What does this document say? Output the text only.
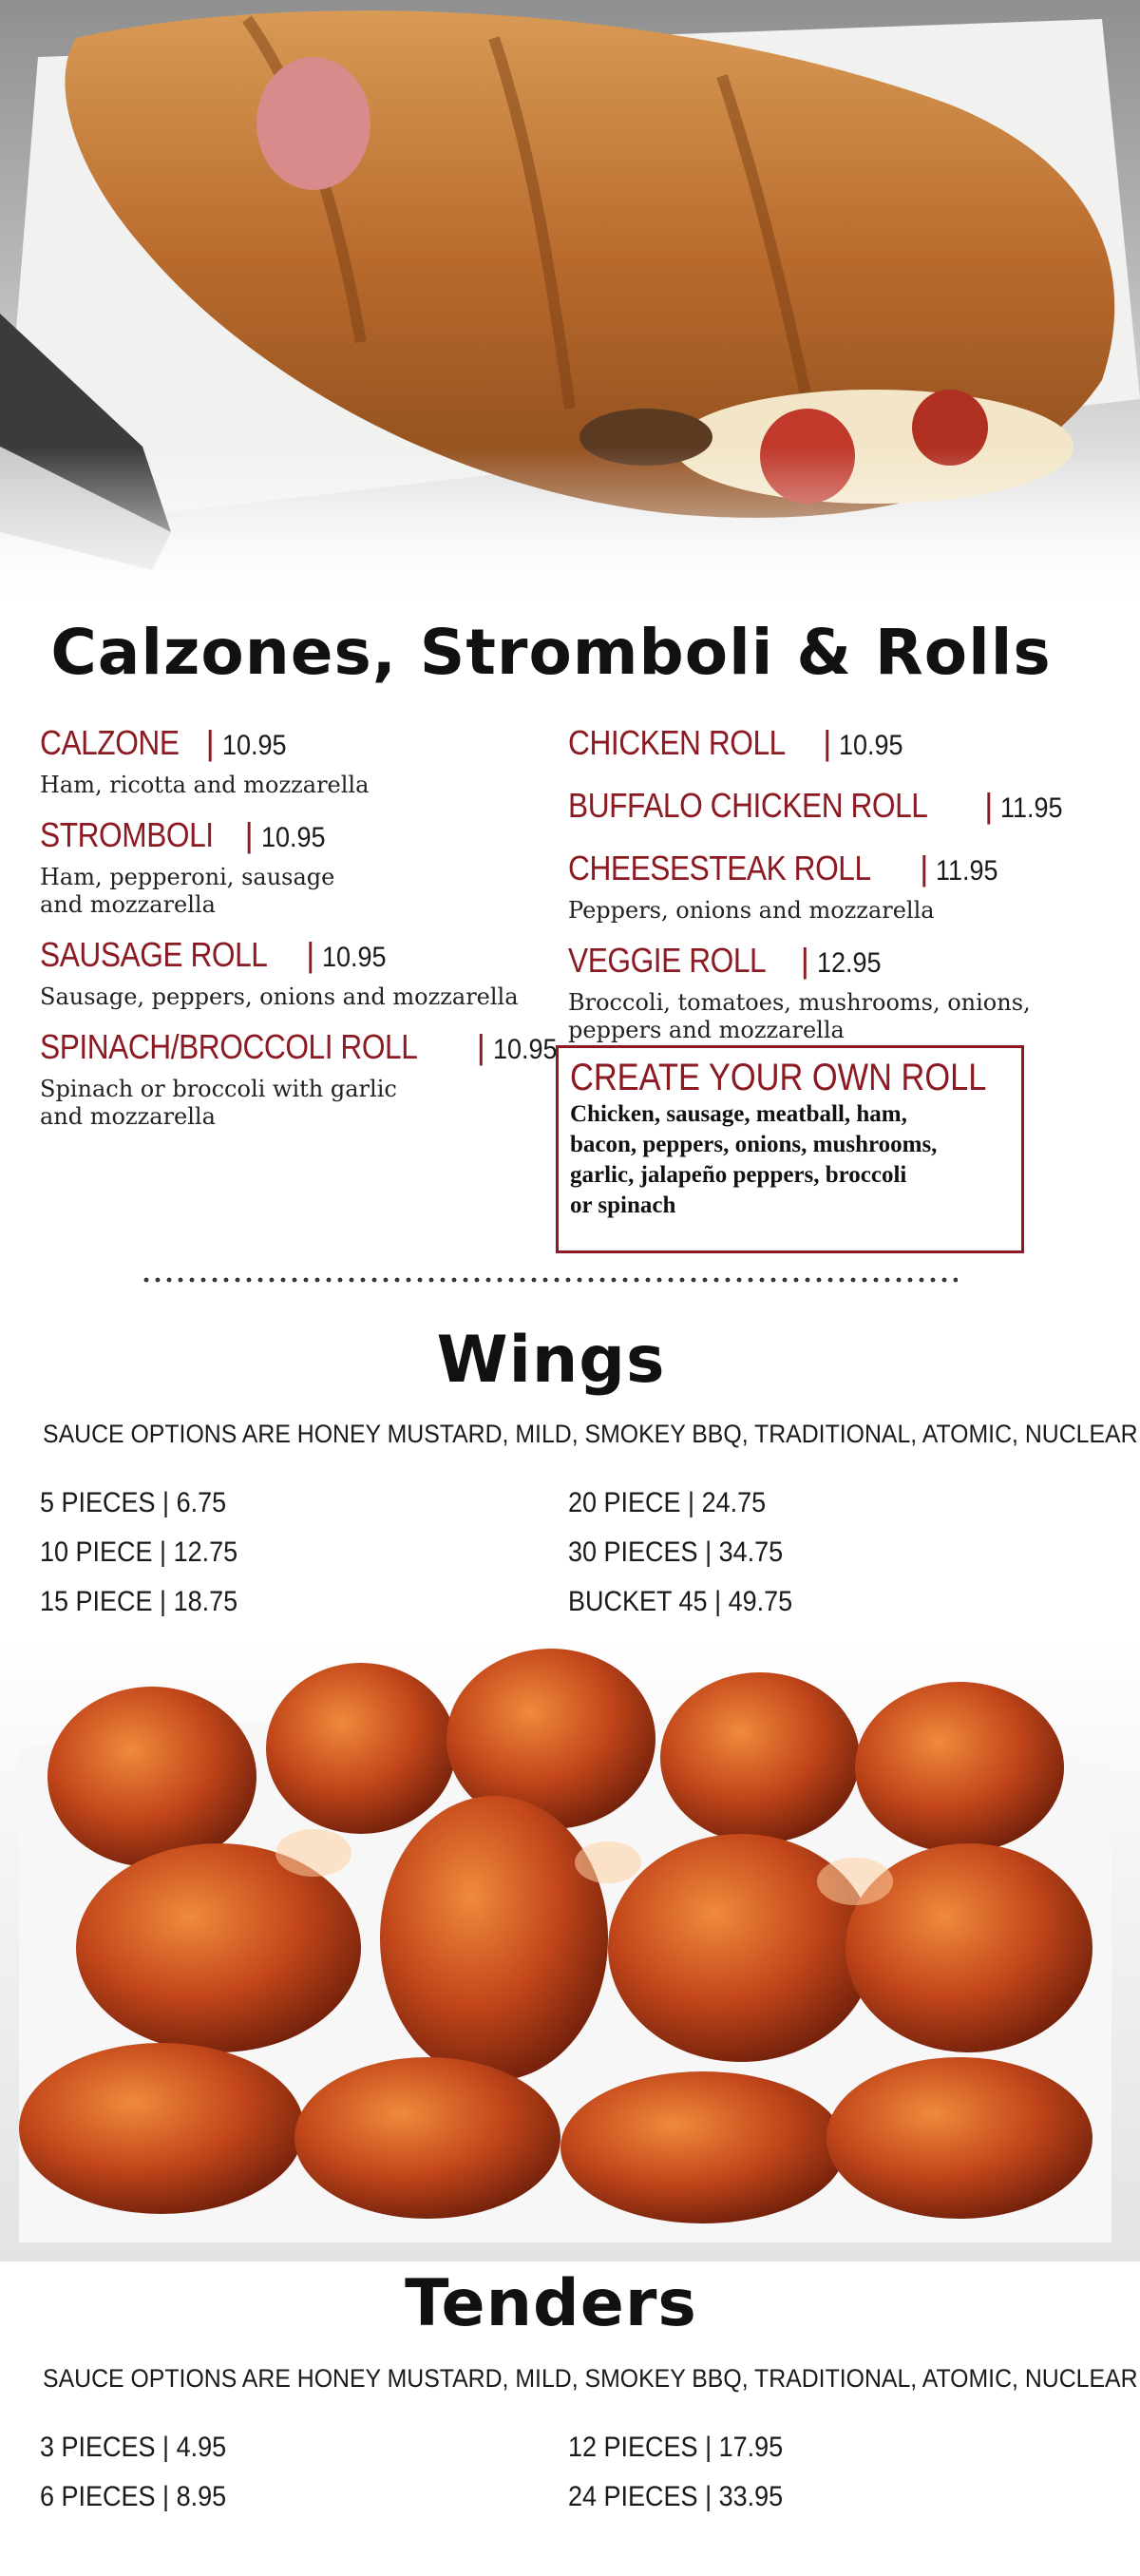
Calzones, Stromboli & Rolls
CALZONE | 10.95
Ham, ricotta and mozzarella
STROMBOLI | 10.95
Ham, pepperoni, sausage
and mozzarella
SAUSAGE ROLL | 10.95
Sausage, peppers, onions and mozzarella
SPINACH/BROCCOLI ROLL | 10.95
Spinach or broccoli with garlic
and mozzarella
CHICKEN ROLL | 10.95
BUFFALO CHICKEN ROLL | 11.95
CHEESESTEAK ROLL | 11.95
Peppers, onions and mozzarella
VEGGIE ROLL | 12.95
Broccoli, tomatoes, mushrooms, onions,
peppers and mozzarella
CREATE YOUR OWN ROLL
Chicken, sausage, meatball, ham,
bacon, peppers, onions, mushrooms,
garlic, jalapeño peppers, broccoli
or spinach
Wings
SAUCE OPTIONS ARE HONEY MUSTARD, MILD, SMOKEY BBQ, TRADITIONAL, ATOMIC, NUCLEAR
5 PIECES | 6.75
10 PIECE | 12.75
15 PIECE | 18.75
20 PIECE | 24.75
30 PIECES | 34.75
BUCKET 45 | 49.75
Tenders
SAUCE OPTIONS ARE HONEY MUSTARD, MILD, SMOKEY BBQ, TRADITIONAL, ATOMIC, NUCLEAR
3 PIECES | 4.95
6 PIECES | 8.95
12 PIECES | 17.95
24 PIECES | 33.95
